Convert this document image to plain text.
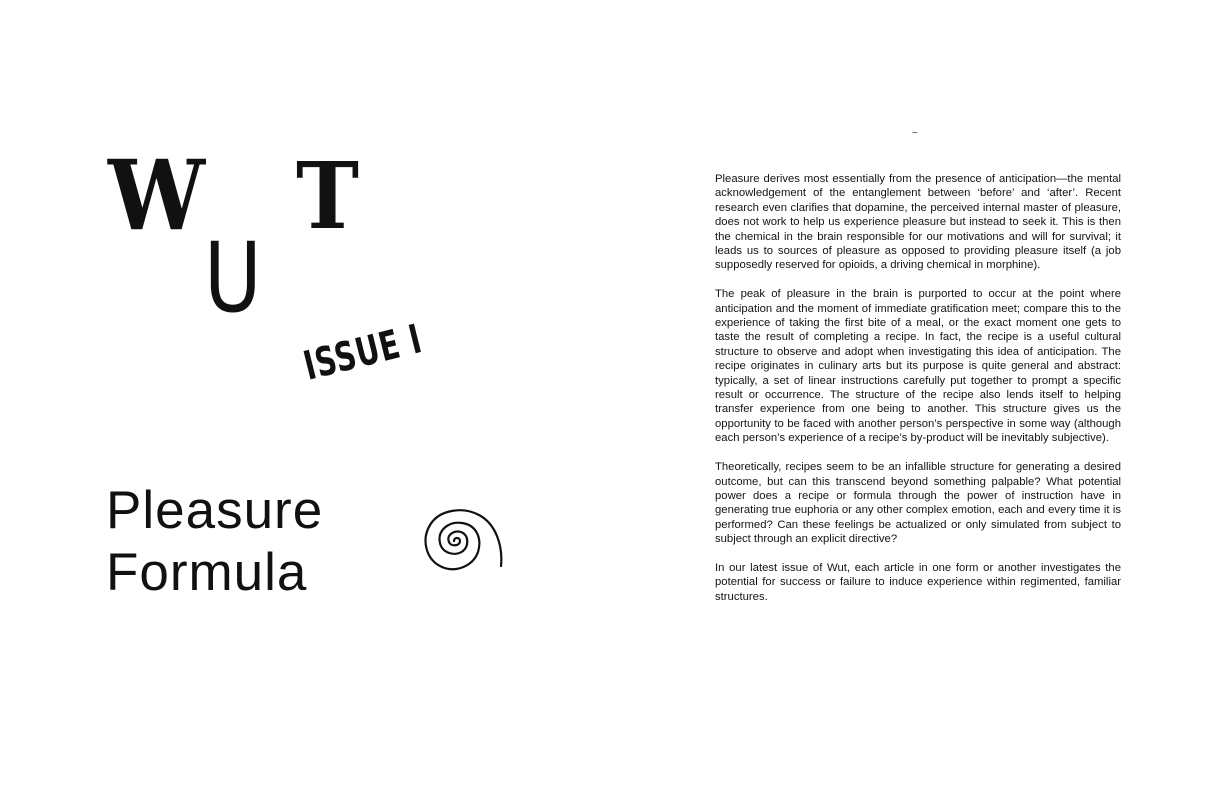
W T
U
ISSUE I
Pleasure
Formula
~

Pleasure derives most essentially from the presence of anticipation—the mental acknowledgement of the entanglement between ‘before’ and ‘after’. Recent research even clarifies that dopamine, the perceived internal master of pleasure, does not work to help us experience pleasure but instead to seek it. This is then the chemical in the brain responsible for our motivations and will for survival; it leads us to sources of pleasure as opposed to providing pleasure itself (a job supposedly reserved for opioids, a driving chemical in morphine).

The peak of pleasure in the brain is purported to occur at the point where anticipation and the moment of immediate gratification meet; compare this to the experience of taking the first bite of a meal, or the exact moment one gets to taste the result of completing a recipe. In fact, the recipe is a useful cultural structure to observe and adopt when investigating this idea of anticipation. The recipe originates in culinary arts but its purpose is quite general and abstract: typically, a set of linear instructions carefully put together to prompt a specific result or occurrence. The structure of the recipe also lends itself to helping transfer experience from one being to another. This structure gives us the opportunity to be faced with another person’s perspective in some way (although each person’s experience of a recipe’s by-product will be inevitably subjective).

Theoretically, recipes seem to be an infallible structure for generating a desired outcome, but can this transcend beyond something palpable? What potential power does a recipe or formula through the power of instruction have in generating true euphoria or any other complex emotion, each and every time it is performed? Can these feelings be actualized or only simulated from subject to subject through an explicit directive?

In our latest issue of Wut, each article in one form or another investigates the potential for success or failure to induce experience within regimented, familiar structures.
